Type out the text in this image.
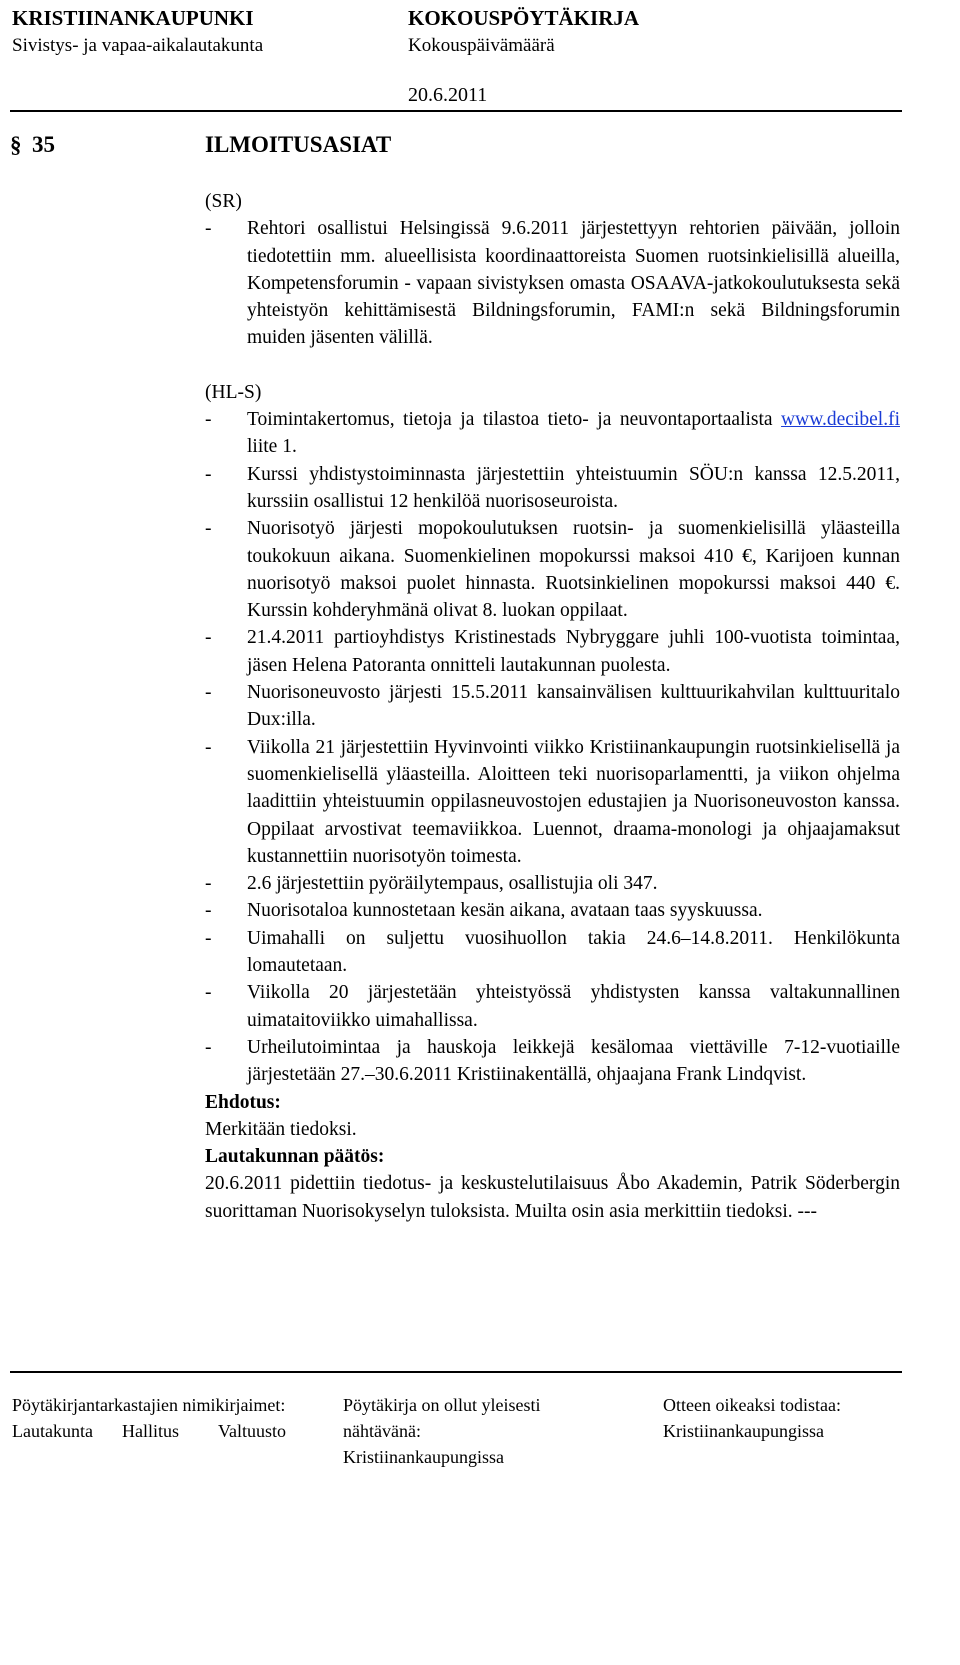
KRISTIINANKAUPUNKI
Sivistys- ja vapaa-aikalautakunta
KOKOUSPÖYTÄKIRJA
Kokouspäivämäärä
20.6.2011
§ 35	ILMOITUSASIAT

(SR)

- Rehtori osallistui Helsingissä 9.6.2011 järjestettyyn rehtorien päivään, jolloin tiedotettiin mm. alueellisista koordinaattoreista Suomen ruotsinkielisillä alueilla, Kompetensforumin - vapaan sivistyksen omasta OSAAVA-jatkokoulutuksesta sekä yhteistyön kehittämisestä Bildningsforumin, FAMI:n sekä Bildningsforumin muiden jäsenten välillä.

(HL-S)

- Toimintakertomus, tietoja ja tilastoa tieto- ja neuvontaportaalista www.decibel.fi liite 1.
- Kurssi yhdistystoiminnasta järjestettiin yhteistuumin SÖU:n kanssa 12.5.2011, kurssiin osallistui 12 henkilöä nuorisoseuroista.
- Nuorisotyö järjesti mopokoulutuksen ruotsin- ja suomenkielisillä yläasteilla toukokuun aikana. Suomenkielinen mopokurssi maksoi 410 €, Karijoen kunnan nuorisotyö maksoi puolet hinnasta. Ruotsinkielinen mopokurssi maksoi 440 €. Kurssin kohderyhmänä olivat 8. luokan oppilaat.
- 21.4.2011 partioyhdistys Kristinestads Nybryggare juhli 100-vuotista toimintaa, jäsen Helena Patoranta onnitteli lautakunnan puolesta.
- Nuorisoneuvosto järjesti 15.5.2011 kansainvälisen kulttuurikahvilan kulttuuritalo Dux:illa.
- Viikolla 21 järjestettiin Hyvinvointi viikko Kristiinankaupungin ruotsinkielisellä ja suomenkielisellä yläasteilla. Aloitteen teki nuorisoparlamentti, ja viikon ohjelma laadittiin yhteistuumin oppilasneuvostojen edustajien ja Nuorisoneuvoston kanssa. Oppilaat arvostivat teemaviikkoa. Luennot, draama-monologi ja ohjaajamaksut kustannettiin nuorisotyön toimesta.
- 2.6 järjestettiin pyöräilytempaus, osallistujia oli 347.
- Nuorisotaloa kunnostetaan kesän aikana, avataan taas syyskuussa.
- Uimahalli on suljettu vuosihuollon takia 24.6–14.8.2011. Henkilökunta lomautetaan.
- Viikolla 20 järjestetään yhteistyössä yhdistysten kanssa valtakunnallinen uimataitoviikko uimahallissa.
- Urheilutoimintaa ja hauskoja leikkejä kesälomaa viettäville 7-12-vuotiaille järjestetään 27.–30.6.2011 Kristiinakentällä, ohjaajana Frank Lindqvist.

Ehdotus:

Merkitään tiedoksi.

Lautakunnan päätös:

20.6.2011 pidettiin tiedotus- ja keskustelutilaisuus Åbo Akademin, Patrik Söderbergin suorittaman Nuorisokyselyn tuloksista. Muilta osin asia merkittiin tiedoksi. ---

Pöytäkirjantarkastajien nimikirjaimet:
Lautakunta Hallitus Valtuusto
Pöytäkirja on ollut yleisesti
nähtävänä:
Kristiinankaupungissa
Otteen oikeaksi todistaa:
Kristiinankaupungissa
